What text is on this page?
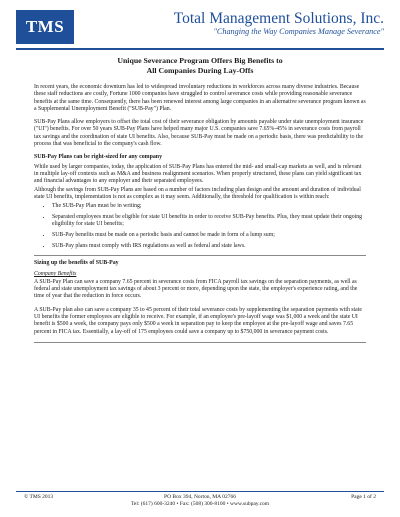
TMS	Total Management Solutions, Inc.
"Changing the Way Companies Manage Severance"
Unique Severance Program Offers Big Benefits to
All Companies During Lay-Offs

In recent years, the economic downturn has led to widespread involuntary reductions in workforces across many diverse industries. Because these staff reductions are costly, Fortune 1000 companies have struggled to control severance costs while providing reasonable severance benefits at the same time. Consequently, there has been renewed interest among large companies in an alternative severance program known as a Supplemental Unemployment Benefit ("SUB-Pay") Plan.

SUB-Pay Plans allow employers to offset the total cost of their severance obligation by amounts payable under state unemployment insurance ("UI") benefits. For over 50 years SUB-Pay Plans have helped many major U.S. companies save 7.65%-45% in severance costs from payroll tax savings and the coordination of state UI benefits. Also, because SUB-Pay must be made on a periodic basis, there was predictability to the process that was beneficial to the company's cash flow.

SUB-Pay Plans can be right-sized for any company

While used by larger companies, today, the application of SUB-Pay Plans has entered the mid- and small-cap markets as well, and is relevant in multiple lay-off contexts such as M&A and business realignment scenarios. When properly structured, these plans can yield significant tax and financial advantages to any employer and their separated employees.

Although the savings from SUB-Pay Plans are based on a number of factors including plan design and the amount and duration of individual state UI benefits, implementation is not as complex as it may seem. Additionally, the threshold for qualification is within reach:

• The SUB-Pay Plan must be in writing;
• Separated employees must be eligible for state UI benefits in order to receive SUB-Pay benefits. Plus, they must update their ongoing eligibility for state UI benefits;
• SUB-Pay benefits must be made on a periodic basis and cannot be made in form of a lump sum;
• SUB-Pay plans must comply with IRS regulations as well as federal and state laws.
Sizing up the benefits of SUB-Pay
Company Benefits

A SUB-Pay Plan can save a company 7.65 percent in severance costs from FICA payroll tax savings on the separation payments, as well as federal and state unemployment tax savings of about 3 percent or more, depending upon the state, the employer's experience rating, and the time of year that the reduction in force occurs.

A SUB-Pay plan also can save a company 35 to 45 percent of their total severance costs by supplementing the separation payments with state UI benefits the former employees are eligible to receive. For example, if an employee's pre-layoff wage was $1,000 a week and the state UI benefit is $500 a week, the company pays only $500 a week in separation pay to keep the employee at the pre-layoff wage and saves 7.65 percent in FICA tax. Essentially, a lay-off of 175 employees could save a company up to $750,000 in severance payment costs.

© TMS 2013	PO Box 394, Norton, MA 02766
Tel: (617) 600-3240 • Fax: (508) 300-8100 • www.subpay.com
Page 1 of 2
